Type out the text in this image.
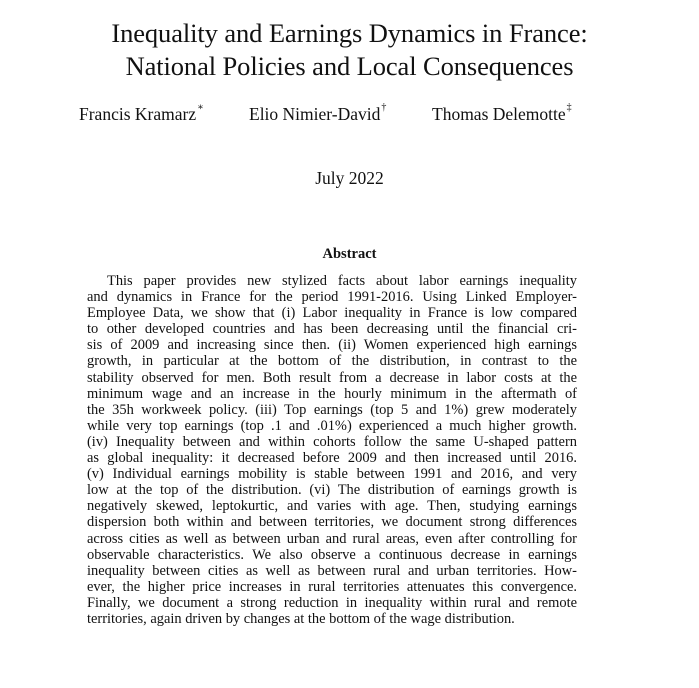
Inequality and Earnings Dynamics in France:
National Policies and Local Consequences
Francis Kramarz∗	Elio Nimier-David†	Thomas Delemotte‡
July 2022
Abstract
This paper provides new stylized facts about labor earnings inequality
and dynamics in France for the period 1991-2016. Using Linked Employer-
Employee Data, we show that (i) Labor inequality in France is low compared
to other developed countries and has been decreasing until the financial cri-
sis of 2009 and increasing since then. (ii) Women experienced high earnings
growth, in particular at the bottom of the distribution, in contrast to the
stability observed for men. Both result from a decrease in labor costs at the
minimum wage and an increase in the hourly minimum in the aftermath of
the 35h workweek policy. (iii) Top earnings (top 5 and 1%) grew moderately
while very top earnings (top .1 and .01%) experienced a much higher growth.
(iv) Inequality between and within cohorts follow the same U-shaped pattern
as global inequality: it decreased before 2009 and then increased until 2016.
(v) Individual earnings mobility is stable between 1991 and 2016, and very
low at the top of the distribution. (vi) The distribution of earnings growth is
negatively skewed, leptokurtic, and varies with age. Then, studying earnings
dispersion both within and between territories, we document strong differences
across cities as well as between urban and rural areas, even after controlling for
observable characteristics. We also observe a continuous decrease in earnings
inequality between cities as well as between rural and urban territories. How-
ever, the higher price increases in rural territories attenuates this convergence.
Finally, we document a strong reduction in inequality within rural and remote
territories, again driven by changes at the bottom of the wage distribution.
